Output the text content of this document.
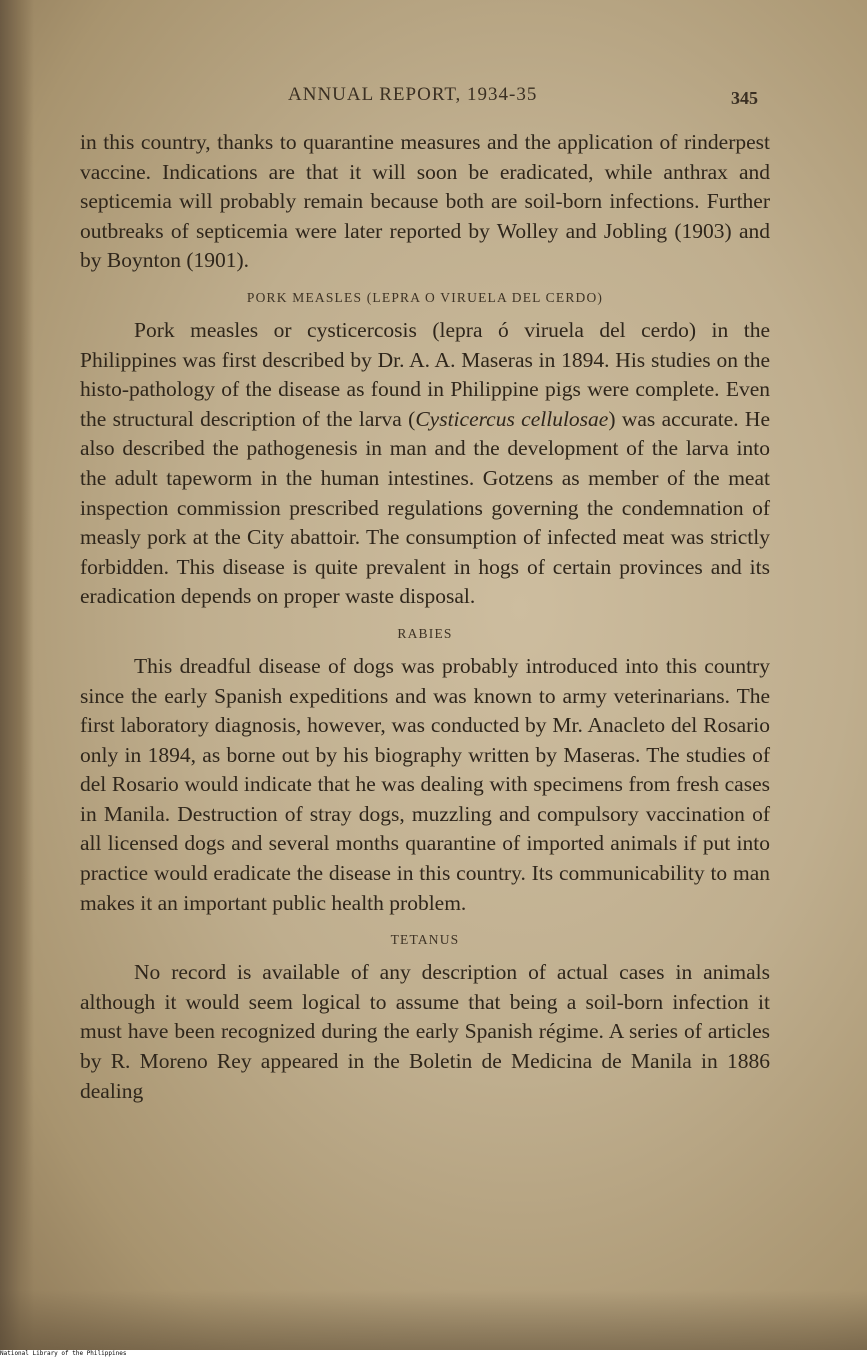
ANNUAL REPORT, 1934-35	345

in this country, thanks to quarantine measures and the application of rinderpest vaccine. Indications are that it will soon be eradicated, while anthrax and septicemia will probably remain because both are soil-born infections. Further outbreaks of septicemia were later reported by Wolley and Jobling (1903) and by Boynton (1901).

PORK MEASLES (LEPRA O VIRUELA DEL CERDO)

Pork measles or cysticercosis (lepra ó viruela del cerdo) in the Philippines was first described by Dr. A. A. Maseras in 1894. His studies on the histo-pathology of the disease as found in Philippine pigs were complete. Even the structural description of the larva (Cysticercus cellulosae) was accurate. He also described the pathogenesis in man and the development of the larva into the adult tapeworm in the human intestines. Gotzens as member of the meat inspection commission prescribed regulations governing the condemnation of measly pork at the City abattoir. The consumption of infected meat was strictly forbidden. This disease is quite prevalent in hogs of certain provinces and its eradication depends on proper waste disposal.

RABIES

This dreadful disease of dogs was probably introduced into this country since the early Spanish expeditions and was known to army veterinarians. The first laboratory diagnosis, however, was conducted by Mr. Anacleto del Rosario only in 1894, as borne out by his biography written by Maseras. The studies of del Rosario would indicate that he was dealing with specimens from fresh cases in Manila. Destruction of stray dogs, muzzling and compulsory vaccination of all licensed dogs and several months quarantine of imported animals if put into practice would eradicate the disease in this country. Its communicability to man makes it an important public health problem.

TETANUS

No record is available of any description of actual cases in animals although it would seem logical to assume that being a soil-born infection it must have been recognized during the early Spanish régime. A series of articles by R. Moreno Rey appeared in the Boletin de Medicina de Manila in 1886 dealing

National Library of the Philippines
